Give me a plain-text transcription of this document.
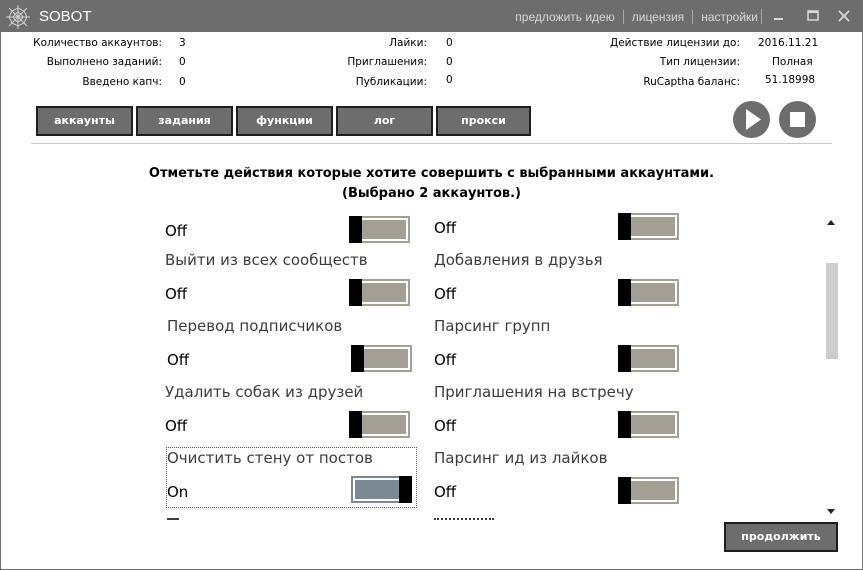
SOBOT	предложить идею лицензия настройки
Количество аккаунтов: 3
Выполнено заданий: 0
Введено капч: 0
Лайки: 0
Приглашения: 0
Публикации: 0
Действие лицензии до: 2016.11.21
Тип лицензии:	Полная
RuCaptha баланс: 51.18998
аккаунты	задания	функции	лог	прокси
Отметьте действия которые хотите совершить с выбранными аккаунтами.
(Выбрано 2 аккаунтов.)
Off	Off
Выйти из всех сообществ
Off
Добавления в друзья
Off
Перевод подписчиков
Off
Парсинг групп
Off
Удалить собак из друзей
Off
Приглашения на встречу
Off
Очистить стену от постов
On
Парсинг ид из лайков
Off
продолжить
